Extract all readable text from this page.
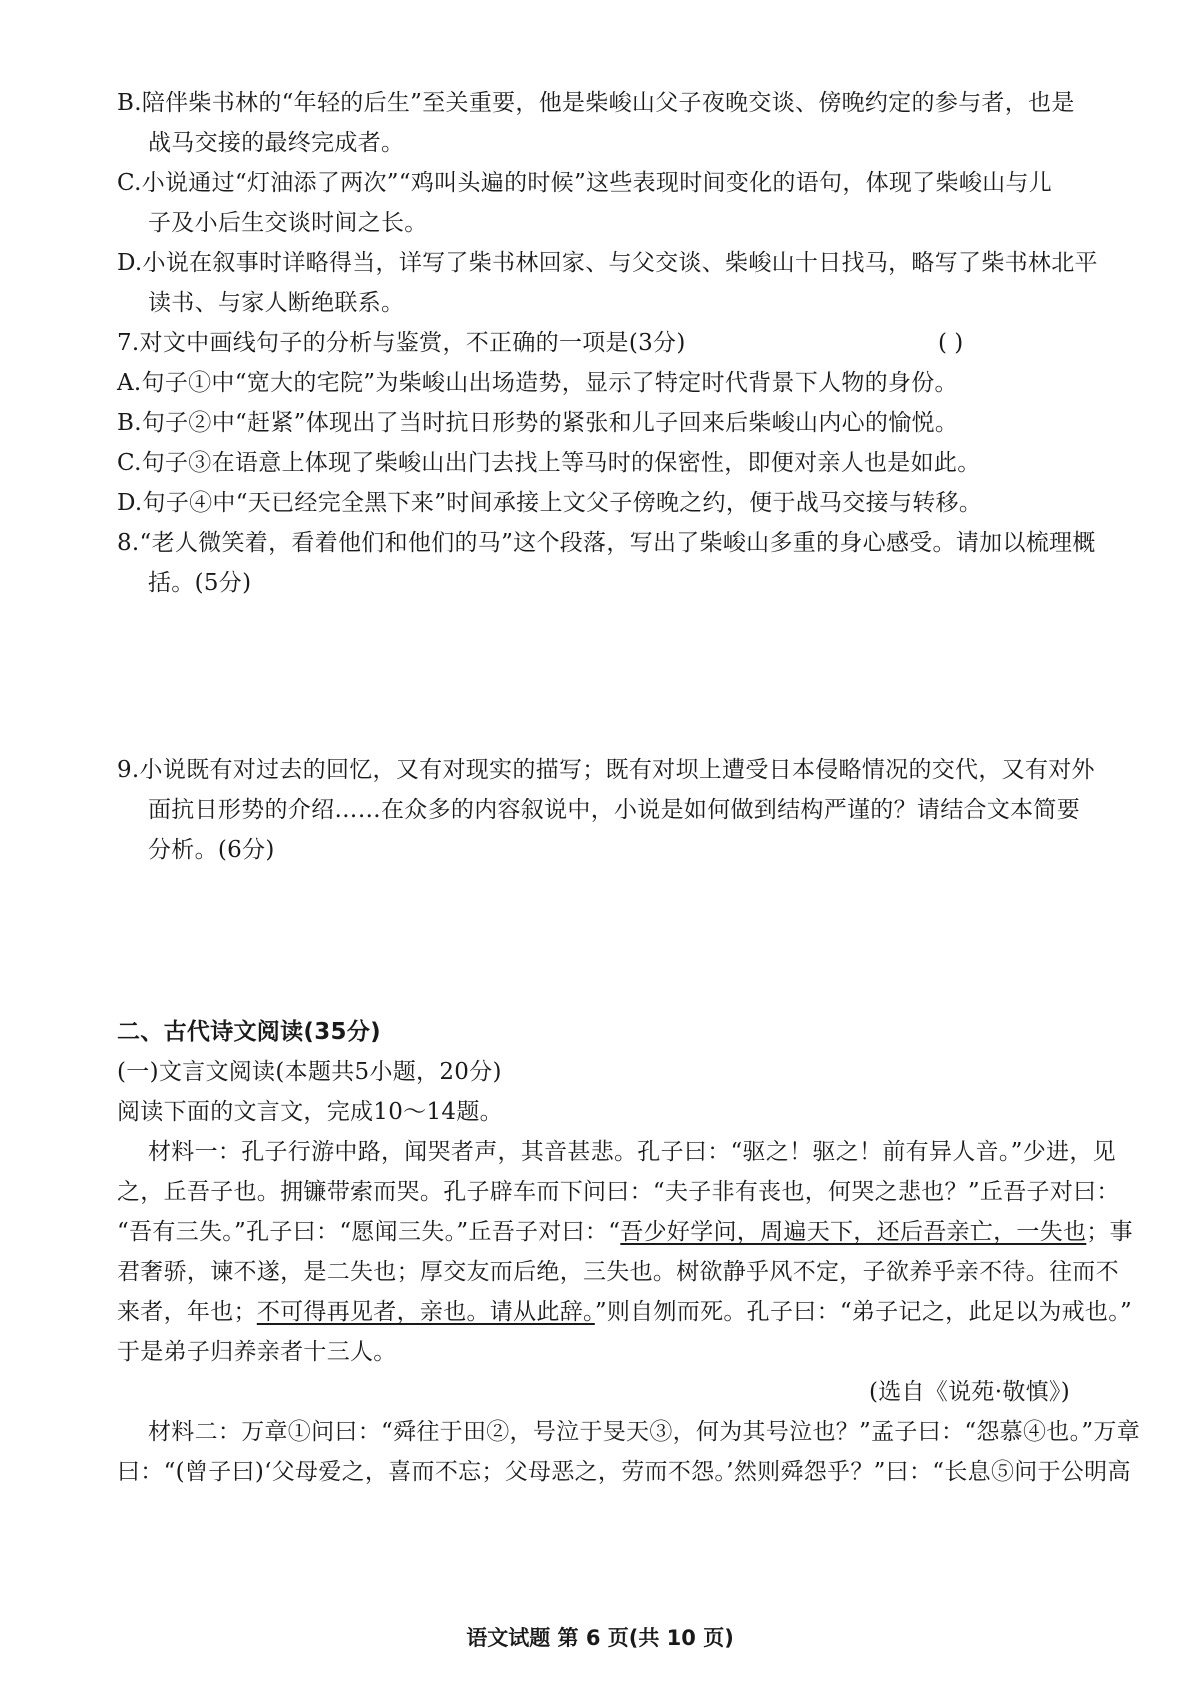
B.陪伴柴书林的“年轻的后生”至关重要，他是柴峻山父子夜晚交谈、傍晚约定的参与者，也是
战马交接的最终完成者。
C.小说通过“灯油添了两次”“鸡叫头遍的时候”这些表现时间变化的语句，体现了柴峻山与儿
子及小后生交谈时间之长。
D.小说在叙事时详略得当，详写了柴书林回家、与父交谈、柴峻山十日找马，略写了柴书林北平
读书、与家人断绝联系。
7.对文中画线句子的分析与鉴赏，不正确的一项是(3分)	( )
A.句子①中“宽大的宅院”为柴峻山出场造势，显示了特定时代背景下人物的身份。
B.句子②中“赶紧”体现出了当时抗日形势的紧张和儿子回来后柴峻山内心的愉悦。
C.句子③在语意上体现了柴峻山出门去找上等马时的保密性，即便对亲人也是如此。
D.句子④中“天已经完全黑下来”时间承接上文父子傍晚之约，便于战马交接与转移。
8.“老人微笑着，看着他们和他们的马”这个段落，写出了柴峻山多重的身心感受。请加以梳理概
括。(5分)
9.小说既有对过去的回忆，又有对现实的描写；既有对坝上遭受日本侵略情况的交代，又有对外
面抗日形势的介绍……在众多的内容叙说中，小说是如何做到结构严谨的？请结合文本简要
分析。(6分)
二、古代诗文阅读(35分)
(一)文言文阅读(本题共5小题，20分)
阅读下面的文言文，完成10～14题。
材料一：孔子行游中路，闻哭者声，其音甚悲。孔子曰：“驱之！驱之！前有异人音。”少进，见
之，丘吾子也。拥镰带索而哭。孔子辟车而下问曰：“夫子非有丧也，何哭之悲也？”丘吾子对曰：
“吾有三失。”孔子曰：“愿闻三失。”丘吾子对曰：“吾少好学问，周遍天下，还后吾亲亡，一失也；事
君奢骄，谏不遂，是二失也；厚交友而后绝，三失也。树欲静乎风不定，子欲养乎亲不待。往而不
来者，年也；不可得再见者，亲也。请从此辞。”则自刎而死。孔子曰：“弟子记之，此足以为戒也。”
于是弟子归养亲者十三人。
(选自《说苑·敬慎》)
材料二：万章①问曰：“舜往于田②，号泣于旻天③，何为其号泣也？”孟子曰：“怨慕④也。”万章
曰：“(曾子曰)‘父母爱之，喜而不忘；父母恶之，劳而不怨。’然则舜怨乎？”曰：“长息⑤问于公明高
语文试题 第 6 页(共 10 页)
